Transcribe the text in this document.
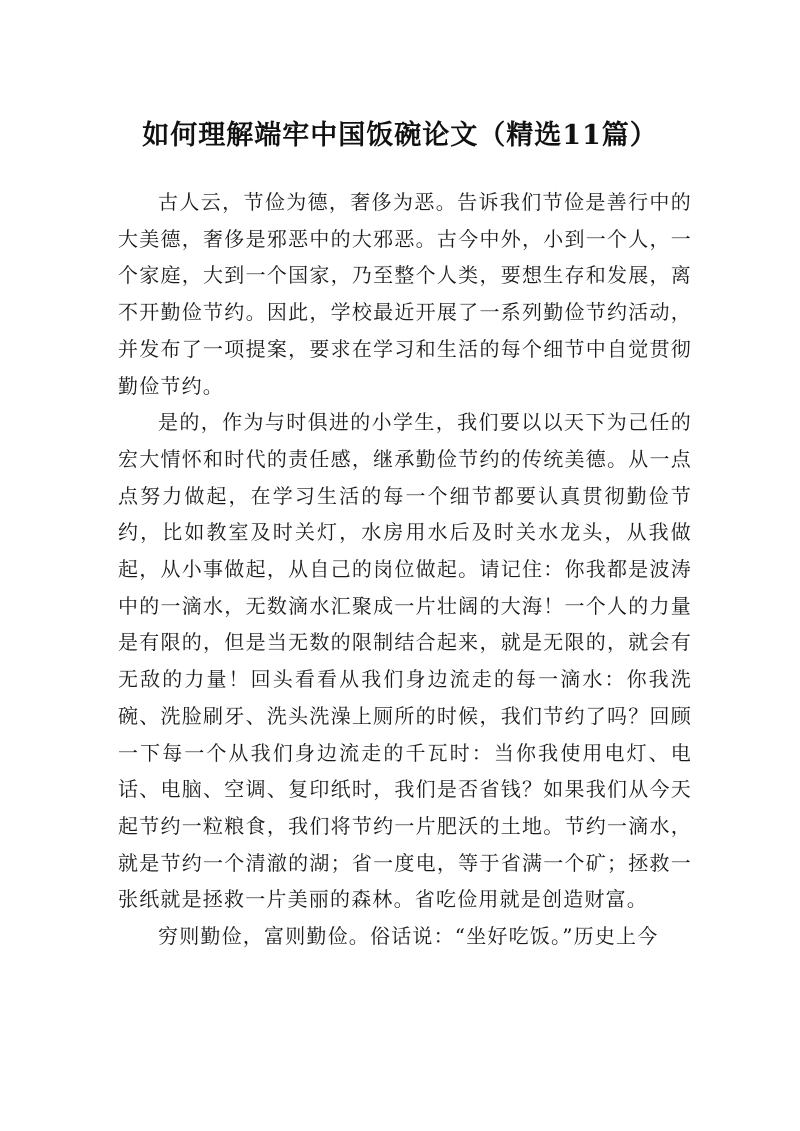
如何理解端牢中国饭碗论文（精选11篇）

古人云，节俭为德，奢侈为恶。告诉我们节俭是善行中的大美德，奢侈是邪恶中的大邪恶。古今中外，小到一个人，一个家庭，大到一个国家，乃至整个人类，要想生存和发展，离不开勤俭节约。因此，学校最近开展了一系列勤俭节约活动，并发布了一项提案，要求在学习和生活的每个细节中自觉贯彻勤俭节约。

是的，作为与时俱进的小学生，我们要以以天下为己任的宏大情怀和时代的责任感，继承勤俭节约的传统美德。从一点点努力做起，在学习生活的每一个细节都要认真贯彻勤俭节约，比如教室及时关灯，水房用水后及时关水龙头，从我做起，从小事做起，从自己的岗位做起。请记住：你我都是波涛中的一滴水，无数滴水汇聚成一片壮阔的大海！一个人的力量是有限的，但是当无数的限制结合起来，就是无限的，就会有无敌的力量！回头看看从我们身边流走的每一滴水：你我洗碗、洗脸刷牙、洗头洗澡上厕所的时候，我们节约了吗？回顾一下每一个从我们身边流走的千瓦时：当你我使用电灯、电话、电脑、空调、复印纸时，我们是否省钱？如果我们从今天起节约一粒粮食，我们将节约一片肥沃的土地。节约一滴水，就是节约一个清澈的湖；省一度电，等于省满一个矿；拯救一张纸就是拯救一片美丽的森林。省吃俭用就是创造财富。

穷则勤俭，富则勤俭。俗话说：“坐好吃饭。”历史上今
